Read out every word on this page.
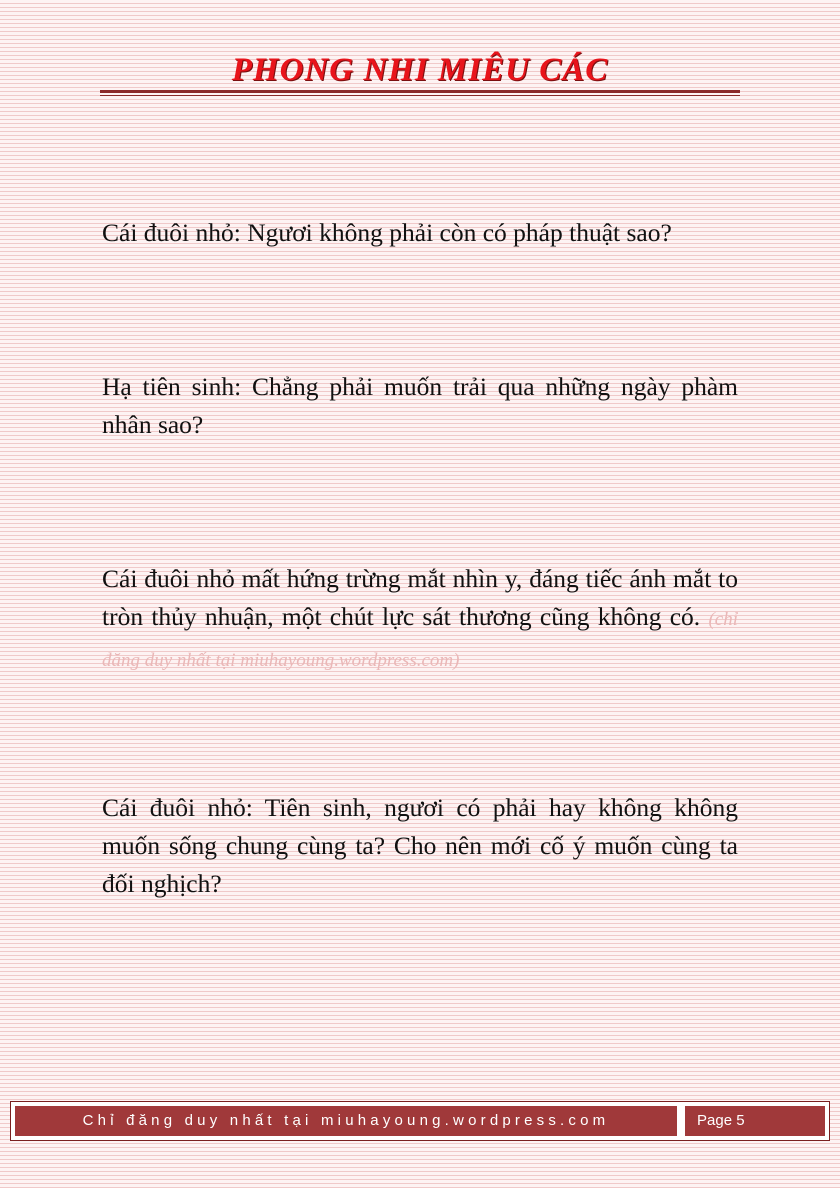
PHONG NHI MIÊU CÁC

Cái đuôi nhỏ: Ngươi không phải còn có pháp thuật sao?

Hạ tiên sinh: Chẳng phải muốn trải qua những ngày phàm nhân sao?

Cái đuôi nhỏ mất hứng trừng mắt nhìn y, đáng tiếc ánh mắt to tròn thủy nhuận, một chút lực sát thương cũng không có. (chỉ đăng duy nhất tại miuhayoung.wordpress.com)

Cái đuôi nhỏ: Tiên sinh, ngươi có phải hay không không muốn sống chung cùng ta? Cho nên mới cố ý muốn cùng ta đối nghịch?

Chỉ đăng duy nhất tại miuhayoung.wordpress.com	Page 5
